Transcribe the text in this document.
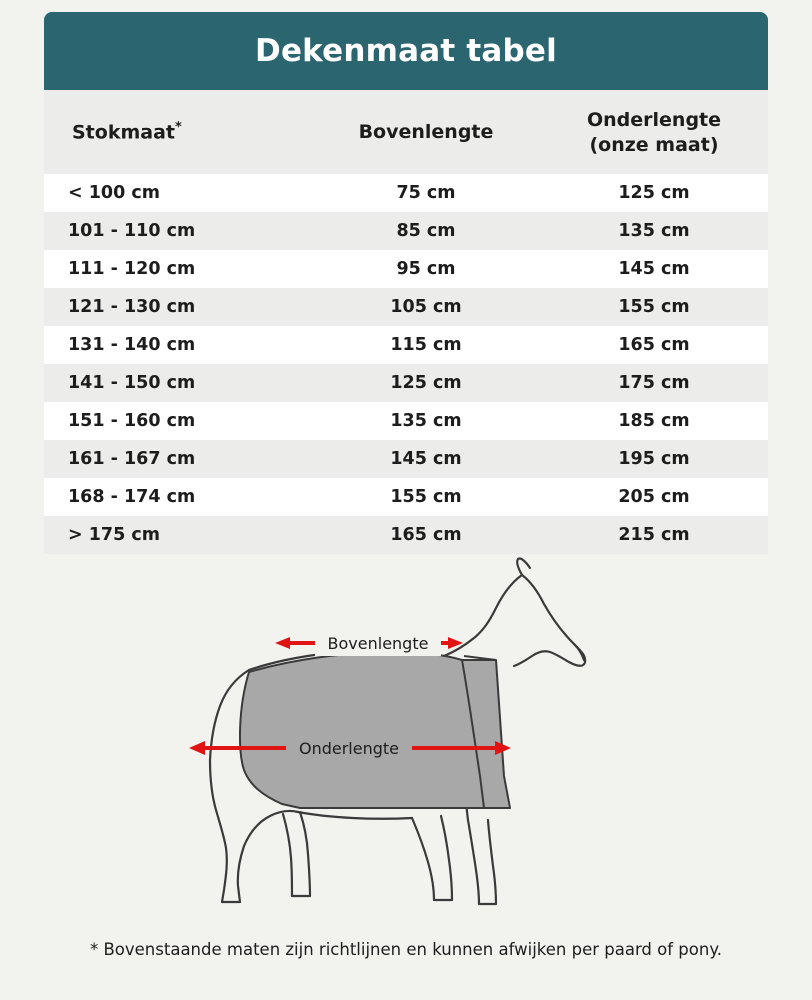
Dekenmaat tabel
Stokmaat*	Bovenlengte	Onderlengte
(onze maat)

< 100 cm	75 cm	125 cm
101 - 110 cm	85 cm	135 cm
111 - 120 cm	95 cm	145 cm
121 - 130 cm	105 cm	155 cm
131 - 140 cm	115 cm	165 cm
141 - 150 cm	125 cm	175 cm
151 - 160 cm	135 cm	185 cm
161 - 167 cm	145 cm	195 cm
168 - 174 cm	155 cm	205 cm
> 175 cm	165 cm	215 cm
Bovenlengte
Onderlengte
* Bovenstaande maten zijn richtlijnen en kunnen afwijken per paard of pony.
